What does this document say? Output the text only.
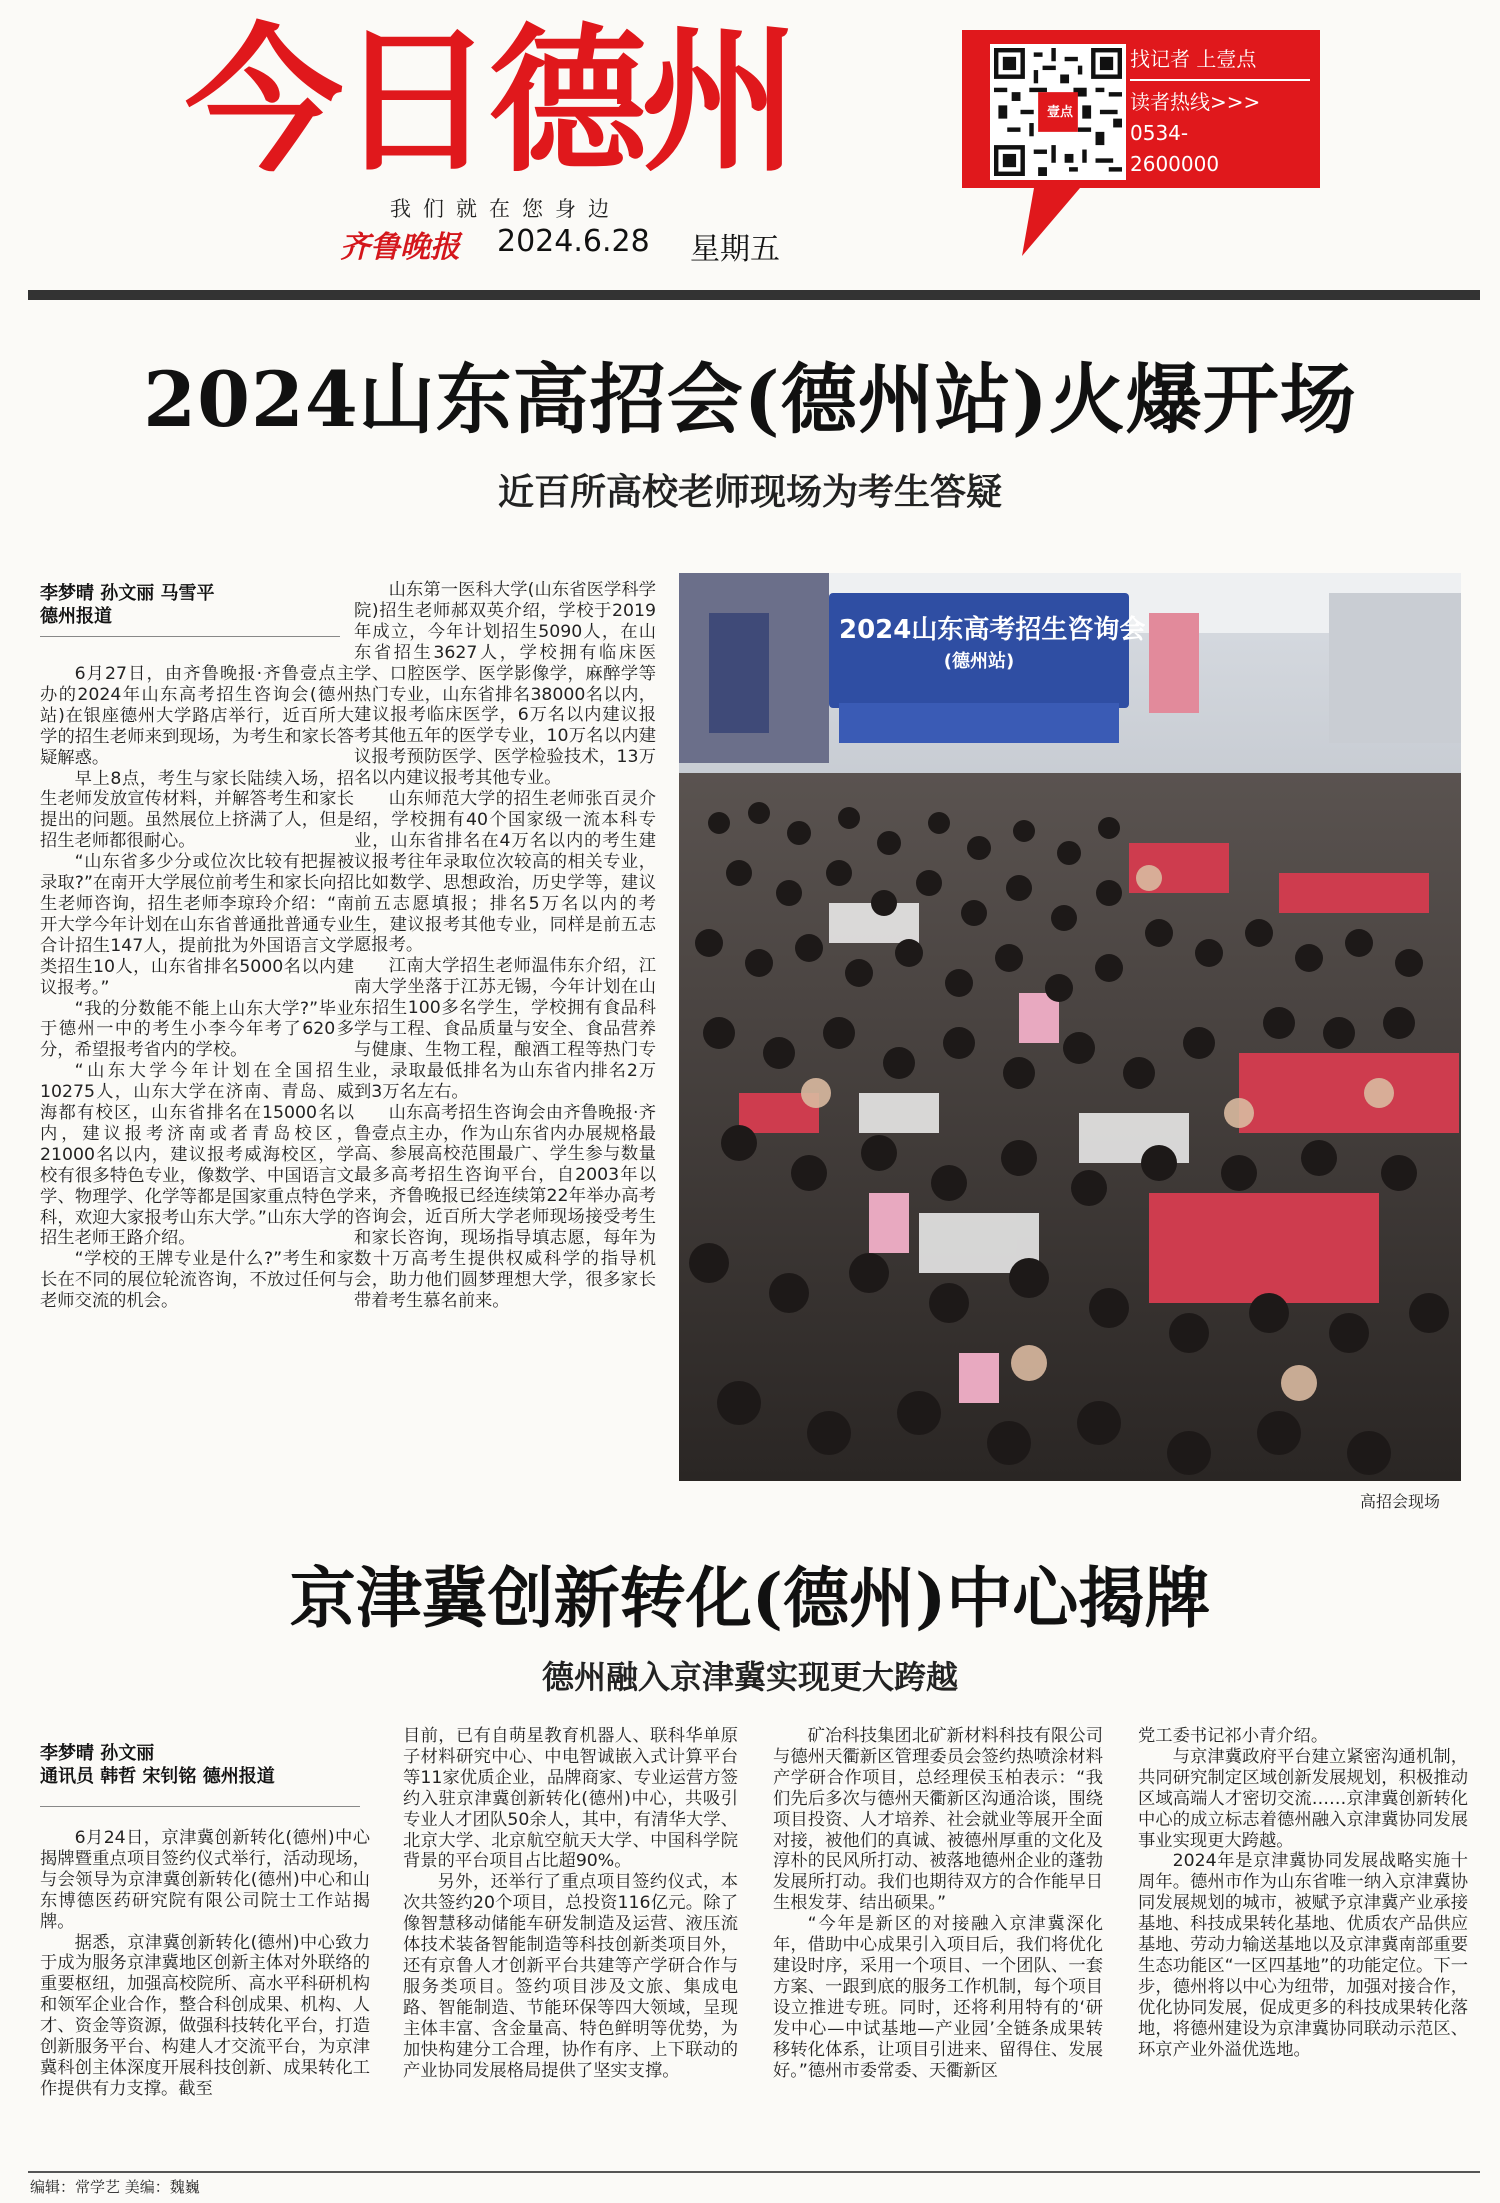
今日德州
我们就在您身边
齐鲁晚报 2024.6.28 星期五
壹点
找记者 上壹点
读者热线>>>
0534-
2600000
2024山东高招会(德州站)火爆开场
近百所高校老师现场为考生答疑
李梦晴 孙文丽 马雪平
德州报道

6月27日，由齐鲁晚报·齐鲁壹点主办的2024年山东高考招生咨询会(德州站)在银座德州大学路店举行，近百所大学的招生老师来到现场，为考生和家长答疑解惑。

早上8点，考生与家长陆续入场，招生老师发放宣传材料，并解答考生和家长提出的问题。虽然展位上挤满了人，但是招生老师都很耐心。

“山东省多少分或位次比较有把握被录取?”在南开大学展位前考生和家长向招生老师咨询，招生老师李琼玲介绍：“南开大学今年计划在山东省普通批普通专业合计招生147人，提前批为外国语言文学类招生10人，山东省排名5000名以内建议报考。”

“我的分数能不能上山东大学?”毕业于德州一中的考生小李今年考了620多分，希望报考省内的学校。

“山东大学今年计划在全国招生10275人，山东大学在济南、青岛、威海都有校区，山东省排名在15000名以内，建议报考济南或者青岛校区，21000名以内，建议报考威海校区，学校有很多特色专业，像数学、中国语言文学、物理学、化学等都是国家重点特色学科，欢迎大家报考山东大学。”山东大学的招生老师王路介绍。

“学校的王牌专业是什么?”考生和家长在不同的展位轮流咨询，不放过任何与老师交流的机会。

山东第一医科大学(山东省医学科学院)招生老师郝双英介绍，学校于2019年成立，今年计划招生5090人，在山东省招生3627人，学校拥有临床医学、口腔医学、医学影像学，麻醉学等热门专业，山东省排名38000名以内，建议报考临床医学，6万名以内建议报考其他五年的医学专业，10万名以内建议报考预防医学、医学检验技术，13万名以内建议报考其他专业。

山东师范大学的招生老师张百灵介绍，学校拥有40个国家级一流本科专业，山东省排名在4万名以内的考生建议报考往年录取位次较高的相关专业，比如数学、思想政治，历史学等，建议前五志愿填报；排名5万名以内的考生，建议报考其他专业，同样是前五志愿报考。

江南大学招生老师温伟东介绍，江南大学坐落于江苏无锡，今年计划在山东招生100多名学生，学校拥有食品科学与工程、食品质量与安全、食品营养与健康、生物工程，酿酒工程等热门专业，录取最低排名为山东省内排名2万到3万名左右。

山东高考招生咨询会由齐鲁晚报·齐鲁壹点主办，作为山东省内办展规格最高、参展高校范围最广、学生参与数量最多高考招生咨询平台，自2003年以来，齐鲁晚报已经连续第22年举办高考咨询会，近百所大学老师现场接受考生和家长咨询，现场指导填志愿，每年为数十万高考生提供权威科学的指导机会，助力他们圆梦理想大学，很多家长带着考生慕名前来。

2024山东高考招生咨询会
(德州站)
高招会现场
京津冀创新转化(德州)中心揭牌
德州融入京津冀实现更大跨越
李梦晴 孙文丽
通讯员 韩哲 宋钊铭 德州报道

6月24日，京津冀创新转化(德州)中心揭牌暨重点项目签约仪式举行，活动现场，与会领导为京津冀创新转化(德州)中心和山东博德医药研究院有限公司院士工作站揭牌。

据悉，京津冀创新转化(德州)中心致力于成为服务京津冀地区创新主体对外联络的重要枢纽，加强高校院所、高水平科研机构和领军企业合作，整合科创成果、机构、人才、资金等资源，做强科技转化平台，打造创新服务平台、构建人才交流平台，为京津冀科创主体深度开展科技创新、成果转化工作提供有力支撑。截至

目前，已有自萌星教育机器人、联科华单原子材料研究中心、中电智诚嵌入式计算平台等11家优质企业，品牌商家、专业运营方签约入驻京津冀创新转化(德州)中心，共吸引专业人才团队50余人，其中，有清华大学、北京大学、北京航空航天大学、中国科学院背景的平台项目占比超90%。

另外，还举行了重点项目签约仪式，本次共签约20个项目，总投资116亿元。除了像智慧移动储能车研发制造及运营、液压流体技术装备智能制造等科技创新类项目外，还有京鲁人才创新平台共建等产学研合作与服务类项目。签约项目涉及文旅、集成电路、智能制造、节能环保等四大领域，呈现主体丰富、含金量高、特色鲜明等优势，为加快构建分工合理，协作有序、上下联动的产业协同发展格局提供了坚实支撑。

矿冶科技集团北矿新材料科技有限公司与德州天衢新区管理委员会签约热喷涂材料产学研合作项目，总经理侯玉柏表示：“我们先后多次与德州天衢新区沟通洽谈，围绕项目投资、人才培养、社会就业等展开全面对接，被他们的真诚、被德州厚重的文化及淳朴的民风所打动、被落地德州企业的蓬勃发展所打动。我们也期待双方的合作能早日生根发芽、结出硕果。”

“今年是新区的对接融入京津冀深化年，借助中心成果引入项目后，我们将优化建设时序，采用一个项目、一个团队、一套方案、一跟到底的服务工作机制，每个项目设立推进专班。同时，还将利用特有的‘研发中心—中试基地—产业园’全链条成果转移转化体系，让项目引进来、留得住、发展好。”德州市委常委、天衢新区

党工委书记祁小青介绍。

与京津冀政府平台建立紧密沟通机制，共同研究制定区域创新发展规划，积极推动区域高端人才密切交流……京津冀创新转化中心的成立标志着德州融入京津冀协同发展事业实现更大跨越。

2024年是京津冀协同发展战略实施十周年。德州市作为山东省唯一纳入京津冀协同发展规划的城市，被赋予京津冀产业承接基地、科技成果转化基地、优质农产品供应基地、劳动力输送基地以及京津冀南部重要生态功能区“一区四基地”的功能定位。下一步，德州将以中心为纽带，加强对接合作，优化协同发展，促成更多的科技成果转化落地，将德州建设为京津冀协同联动示范区、环京产业外溢优选地。

编辑：常学艺 美编：魏巍
